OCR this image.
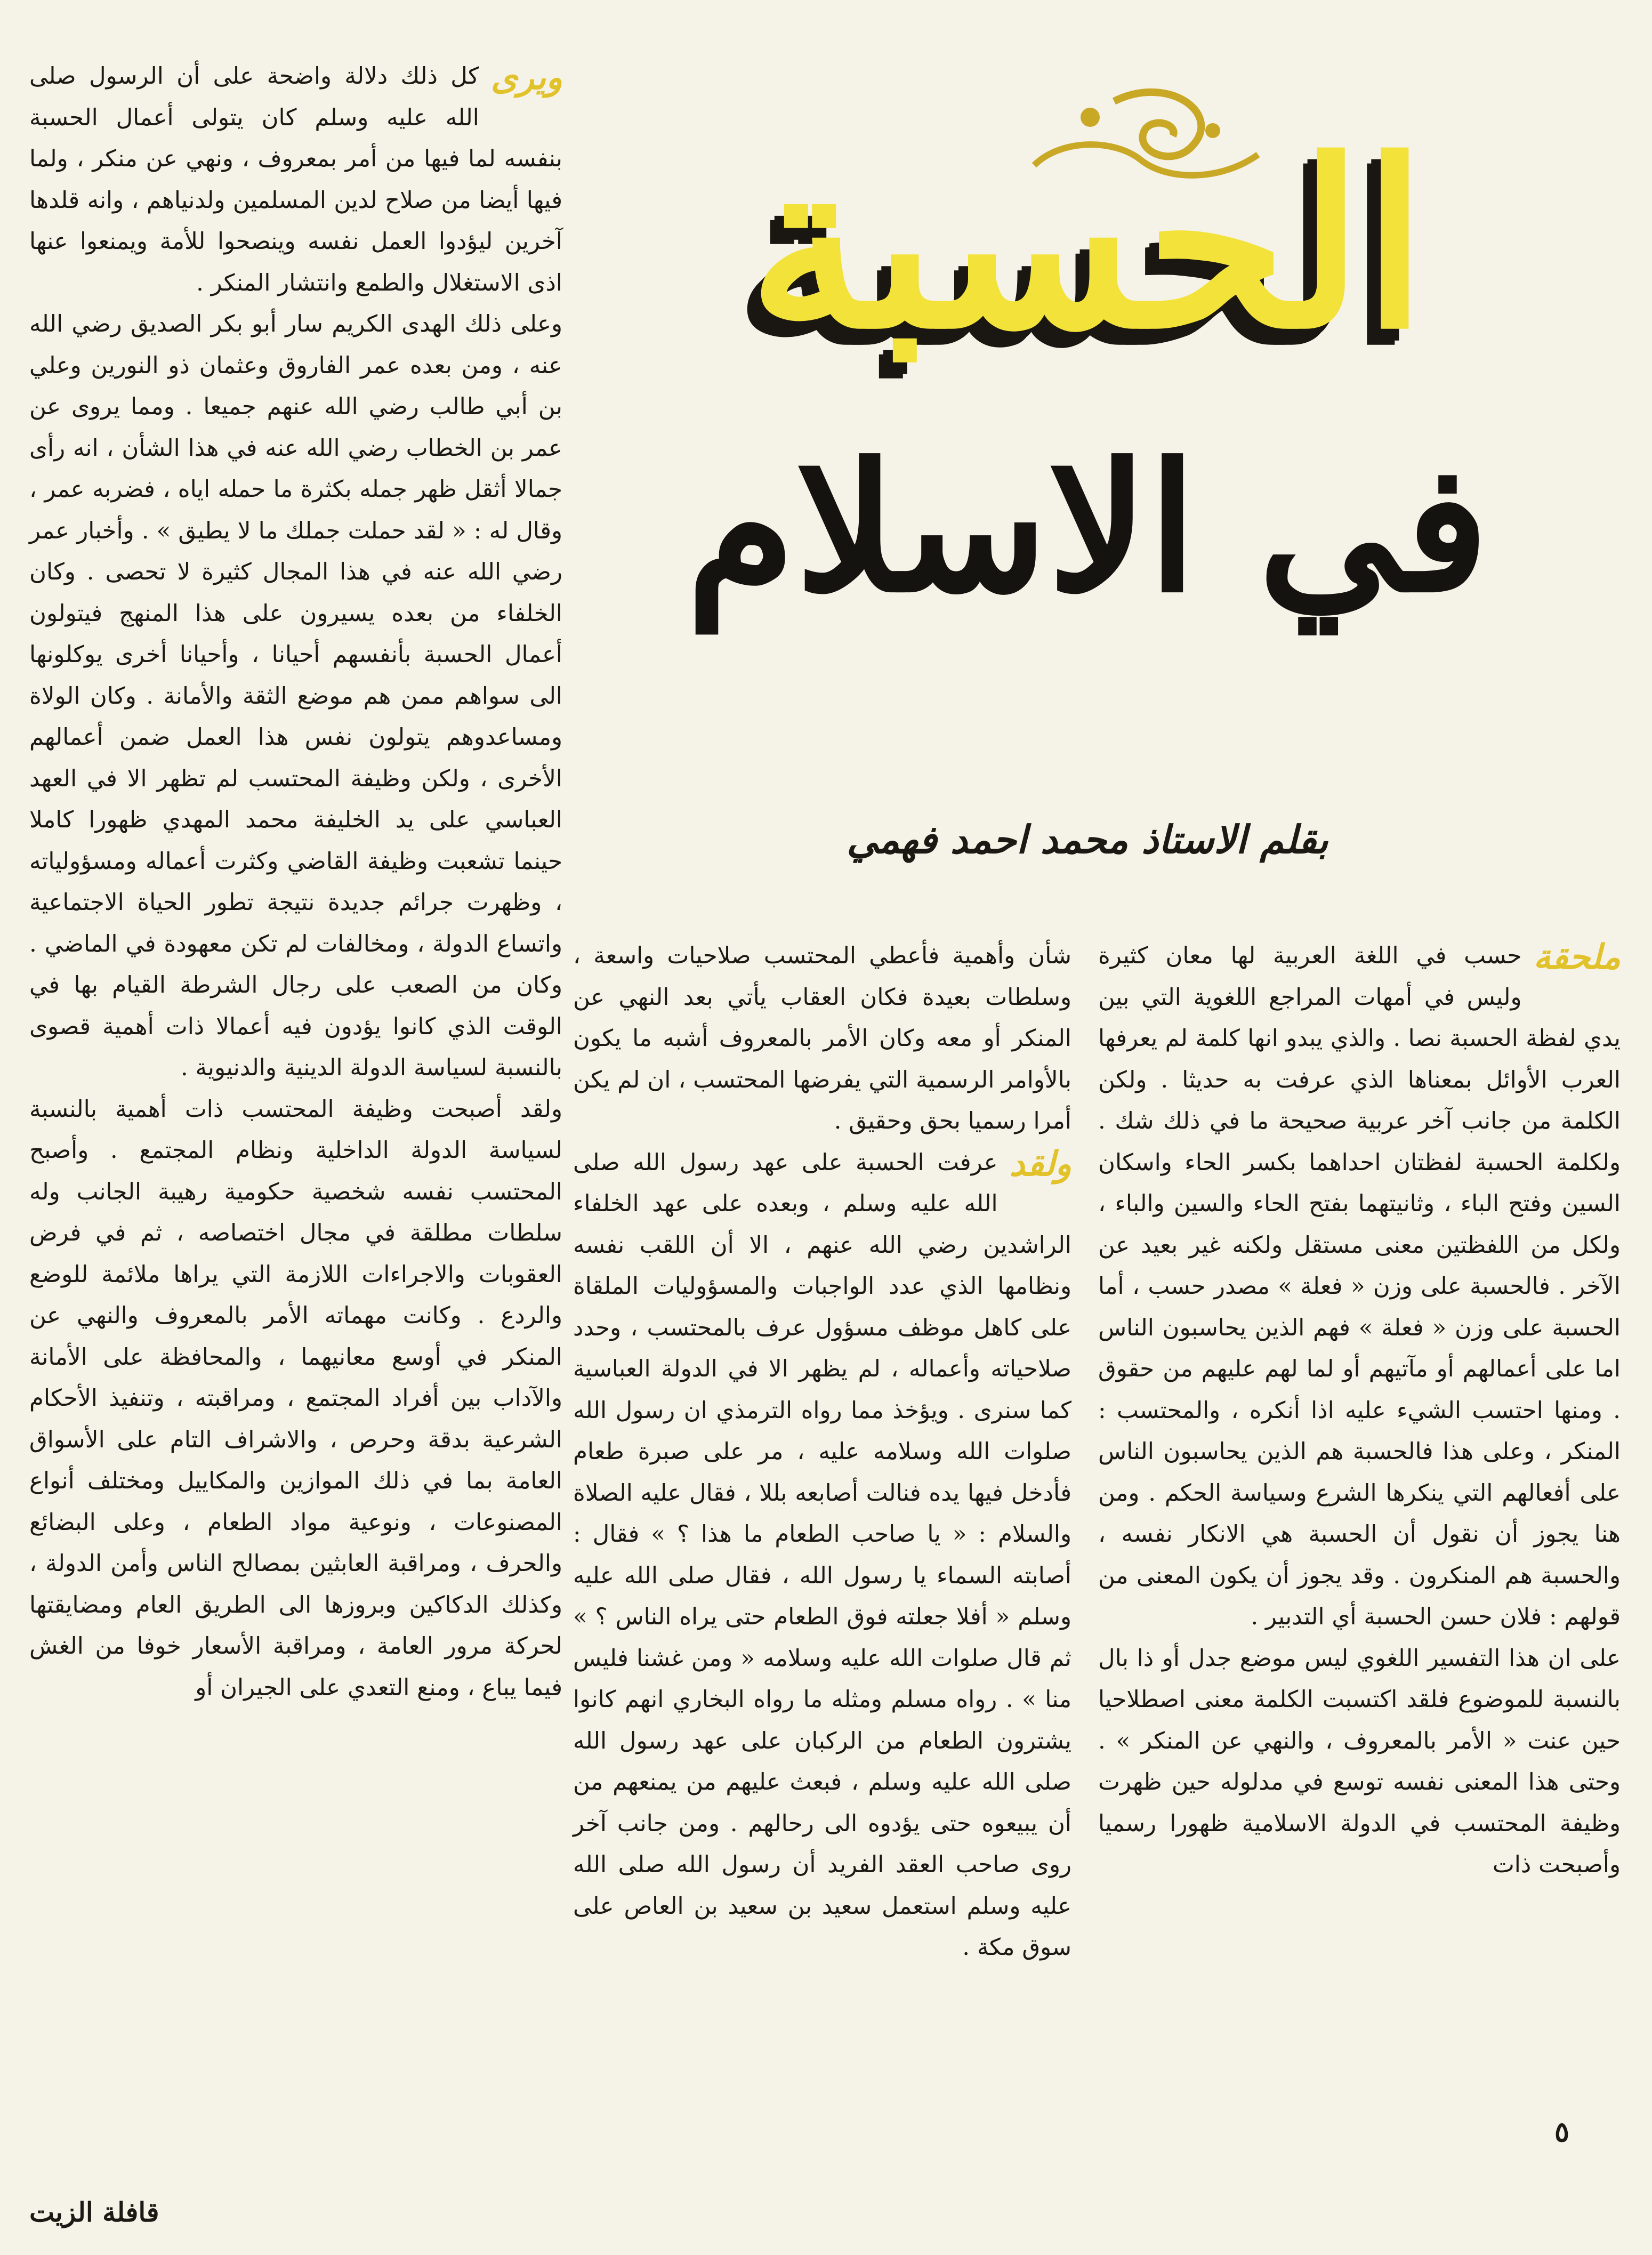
الحسبة
في الاسلام
بقلم الاستاذ محمد احمد فهمي
ويرى

كل ذلك دلالة واضحة على أن الرسول صلى الله عليه وسلم كان يتولى أعمال الحسبة بنفسه لما فيها من أمر بمعروف ، ونهي عن منكر ، ولما فيها أيضا من صلاح لدين المسلمين ولدنياهم ، وانه قلدها آخرين ليؤدوا العمل نفسه وينصحوا للأمة ويمنعوا عنها اذى الاستغلال والطمع وانتشار المنكر .

وعلى ذلك الهدى الكريم سار أبو بكر الصديق رضي الله عنه ، ومن بعده عمر الفاروق وعثمان ذو النورين وعلي بن أبي طالب رضي الله عنهم جميعا . ومما يروى عن عمر بن الخطاب رضي الله عنه في هذا الشأن ، انه رأى جمالا أثقل ظهر جمله بكثرة ما حمله اياه ، فضربه عمر ، وقال له : « لقد حملت جملك ما لا يطيق » . وأخبار عمر رضي الله عنه في هذا المجال كثيرة لا تحصى . وكان الخلفاء من بعده يسيرون على هذا المنهج فيتولون أعمال الحسبة بأنفسهم أحيانا ، وأحيانا أخرى يوكلونها الى سواهم ممن هم موضع الثقة والأمانة . وكان الولاة ومساعدوهم يتولون نفس هذا العمل ضمن أعمالهم الأخرى ، ولكن وظيفة المحتسب لم تظهر الا في العهد العباسي على يد الخليفة محمد المهدي ظهورا كاملا حينما تشعبت وظيفة القاضي وكثرت أعماله ومسؤولياته ، وظهرت جرائم جديدة نتيجة تطور الحياة الاجتماعية واتساع الدولة ، ومخالفات لم تكن معهودة في الماضي . وكان من الصعب على رجال الشرطة القيام بها في الوقت الذي كانوا يؤدون فيه أعمالا ذات أهمية قصوى بالنسبة لسياسة الدولة الدينية والدنيوية .

ولقد أصبحت وظيفة المحتسب ذات أهمية بالنسبة لسياسة الدولة الداخلية ونظام المجتمع . وأصبح المحتسب نفسه شخصية حكومية رهيبة الجانب وله سلطات مطلقة في مجال اختصاصه ، ثم في فرض العقوبات والاجراءات اللازمة التي يراها ملائمة للوضع والردع . وكانت مهماته الأمر بالمعروف والنهي عن المنكر في أوسع معانيهما ، والمحافظة على الأمانة والآداب بين أفراد المجتمع ، ومراقبته ، وتنفيذ الأحكام الشرعية بدقة وحرص ، والاشراف التام على الأسواق العامة بما في ذلك الموازين والمكاييل ومختلف أنواع المصنوعات ، ونوعية مواد الطعام ، وعلى البضائع والحرف ، ومراقبة العابثين بمصالح الناس وأمن الدولة ، وكذلك الدكاكين وبروزها الى الطريق العام ومضايقتها لحركة مرور العامة ، ومراقبة الأسعار خوفا من الغش فيما يباع ، ومنع التعدي على الجيران أو

شأن وأهمية فأعطي المحتسب صلاحيات واسعة ، وسلطات بعيدة فكان العقاب يأتي بعد النهي عن المنكر أو معه وكان الأمر بالمعروف أشبه ما يكون بالأوامر الرسمية التي يفرضها المحتسب ، ان لم يكن أمرا رسميا بحق وحقيق .

ولقد

عرفت الحسبة على عهد رسول الله صلى الله عليه وسلم ، وبعده على عهد الخلفاء الراشدين رضي الله عنهم ، الا أن اللقب نفسه ونظامها الذي عدد الواجبات والمسؤوليات الملقاة على كاهل موظف مسؤول عرف بالمحتسب ، وحدد صلاحياته وأعماله ، لم يظهر الا في الدولة العباسية كما سنرى . ويؤخذ مما رواه الترمذي ان رسول الله صلوات الله وسلامه عليه ، مر على صبرة طعام فأدخل فيها يده فنالت أصابعه بللا ، فقال عليه الصلاة والسلام : « يا صاحب الطعام ما هذا ؟ » فقال : أصابته السماء يا رسول الله ، فقال صلى الله عليه وسلم « أفلا جعلته فوق الطعام حتى يراه الناس ؟ » ثم قال صلوات الله عليه وسلامه « ومن غشنا فليس منا » . رواه مسلم ومثله ما رواه البخاري انهم كانوا يشترون الطعام من الركبان على عهد رسول الله صلى الله عليه وسلم ، فبعث عليهم من يمنعهم من أن يبيعوه حتى يؤدوه الى رحالهم . ومن جانب آخر روى صاحب العقد الفريد أن رسول الله صلى الله عليه وسلم استعمل سعيد بن سعيد بن العاص على سوق مكة .

ملحقة

حسب في اللغة العربية لها معان كثيرة وليس في أمهات المراجع اللغوية التي بين يدي لفظة الحسبة نصا . والذي يبدو انها كلمة لم يعرفها العرب الأوائل بمعناها الذي عرفت به حديثا . ولكن الكلمة من جانب آخر عربية صحيحة ما في ذلك شك . ولكلمة الحسبة لفظتان احداهما بكسر الحاء واسكان السين وفتح الباء ، وثانيتهما بفتح الحاء والسين والباء ، ولكل من اللفظتين معنى مستقل ولكنه غير بعيد عن الآخر . فالحسبة على وزن « فعلة » مصدر حسب ، أما الحسبة على وزن « فعلة » فهم الذين يحاسبون الناس اما على أعمالهم أو مآتيهم أو لما لهم عليهم من حقوق . ومنها احتسب الشيء عليه اذا أنكره ، والمحتسب : المنكر ، وعلى هذا فالحسبة هم الذين يحاسبون الناس على أفعالهم التي ينكرها الشرع وسياسة الحكم . ومن هنا يجوز أن نقول أن الحسبة هي الانكار نفسه ، والحسبة هم المنكرون . وقد يجوز أن يكون المعنى من قولهم : فلان حسن الحسبة أي التدبير .

على ان هذا التفسير اللغوي ليس موضع جدل أو ذا بال بالنسبة للموضوع فلقد اكتسبت الكلمة معنى اصطلاحيا حين عنت « الأمر بالمعروف ، والنهي عن المنكر » . وحتى هذا المعنى نفسه توسع في مدلوله حين ظهرت وظيفة المحتسب في الدولة الاسلامية ظهورا رسميا وأصبحت ذات

٥
قافلة الزيت
